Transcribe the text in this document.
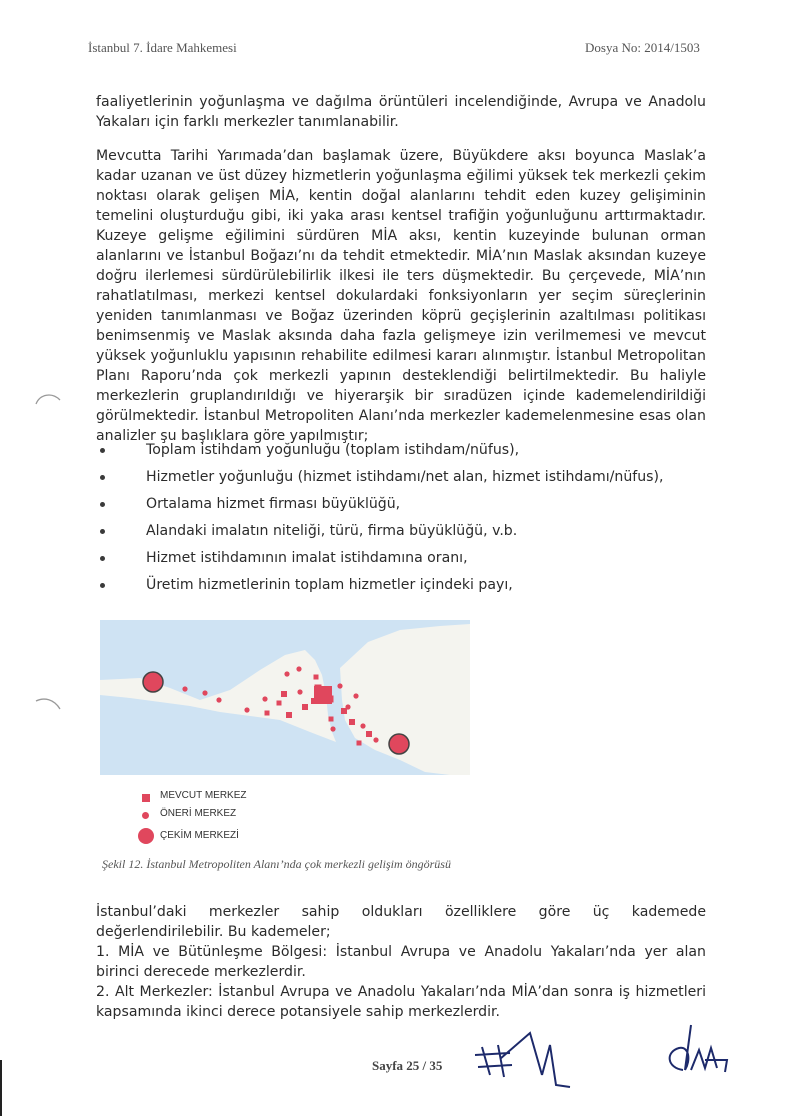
İstanbul 7. İdare Mahkemesi	Dosya No: 2014/1503

faaliyetlerinin yoğunlaşma ve dağılma örüntüleri incelendiğinde, Avrupa ve Anadolu Yakaları için farklı merkezler tanımlanabilir.

Mevcutta Tarihi Yarımada’dan başlamak üzere, Büyükdere aksı boyunca Maslak’a kadar uzanan ve üst düzey hizmetlerin yoğunlaşma eğilimi yüksek tek merkezli çekim noktası olarak gelişen MİA, kentin doğal alanlarını tehdit eden kuzey gelişiminin temelini oluşturduğu gibi, iki yaka arası kentsel trafiğin yoğunluğunu arttırmaktadır. Kuzeye gelişme eğilimini sürdüren MİA aksı, kentin kuzeyinde bulunan orman alanlarını ve İstanbul Boğazı’nı da tehdit etmektedir. MİA’nın Maslak aksından kuzeye doğru ilerlemesi sürdürülebilirlik ilkesi ile ters düşmektedir. Bu çerçevede, MİA’nın rahatlatılması, merkezi kentsel dokulardaki fonksiyonların yer seçim süreçlerinin yeniden tanımlanması ve Boğaz üzerinden köprü geçişlerinin azaltılması politikası benimsenmiş ve Maslak aksında daha fazla gelişmeye izin verilmemesi ve mevcut yüksek yoğunluklu yapısının rehabilite edilmesi kararı alınmıştır. İstanbul Metropolitan Planı Raporu’nda çok merkezli yapının desteklendiği belirtilmektedir. Bu haliyle merkezlerin gruplandırıldığı ve hiyerarşik bir sıradüzen içinde kademelendirildiği görülmektedir. İstanbul Metropoliten Alanı’nda merkezler kademelenmesine esas olan analizler şu başlıklara göre yapılmıştır;

Toplam istihdam yoğunluğu (toplam istihdam/nüfus),
Hizmetler yoğunluğu (hizmet istihdamı/net alan, hizmet istihdamı/nüfus),
Ortalama hizmet firması büyüklüğü,
Alandaki imalatın niteliği, türü, firma büyüklüğü, v.b.
Hizmet istihdamının imalat istihdamına oranı,
Üretim hizmetlerinin toplam hizmetler içindeki payı,
MEVCUT MERKEZ
ÖNERİ MERKEZ
ÇEKİM MERKEZİ
Şekil 12. İstanbul Metropoliten Alanı’nda çok merkezli gelişim öngörüsü

İstanbul’daki merkezler sahip oldukları özelliklere göre üç kademede değerlendirilebilir. Bu kademeler;
1. MİA ve Bütünleşme Bölgesi: İstanbul Avrupa ve Anadolu Yakaları’nda yer alan birinci derecede merkezlerdir.
2. Alt Merkezler: İstanbul Avrupa ve Anadolu Yakaları’nda MİA’dan sonra iş hizmetleri kapsamında ikinci derece potansiyele sahip merkezlerdir.

Sayfa 25 / 35
